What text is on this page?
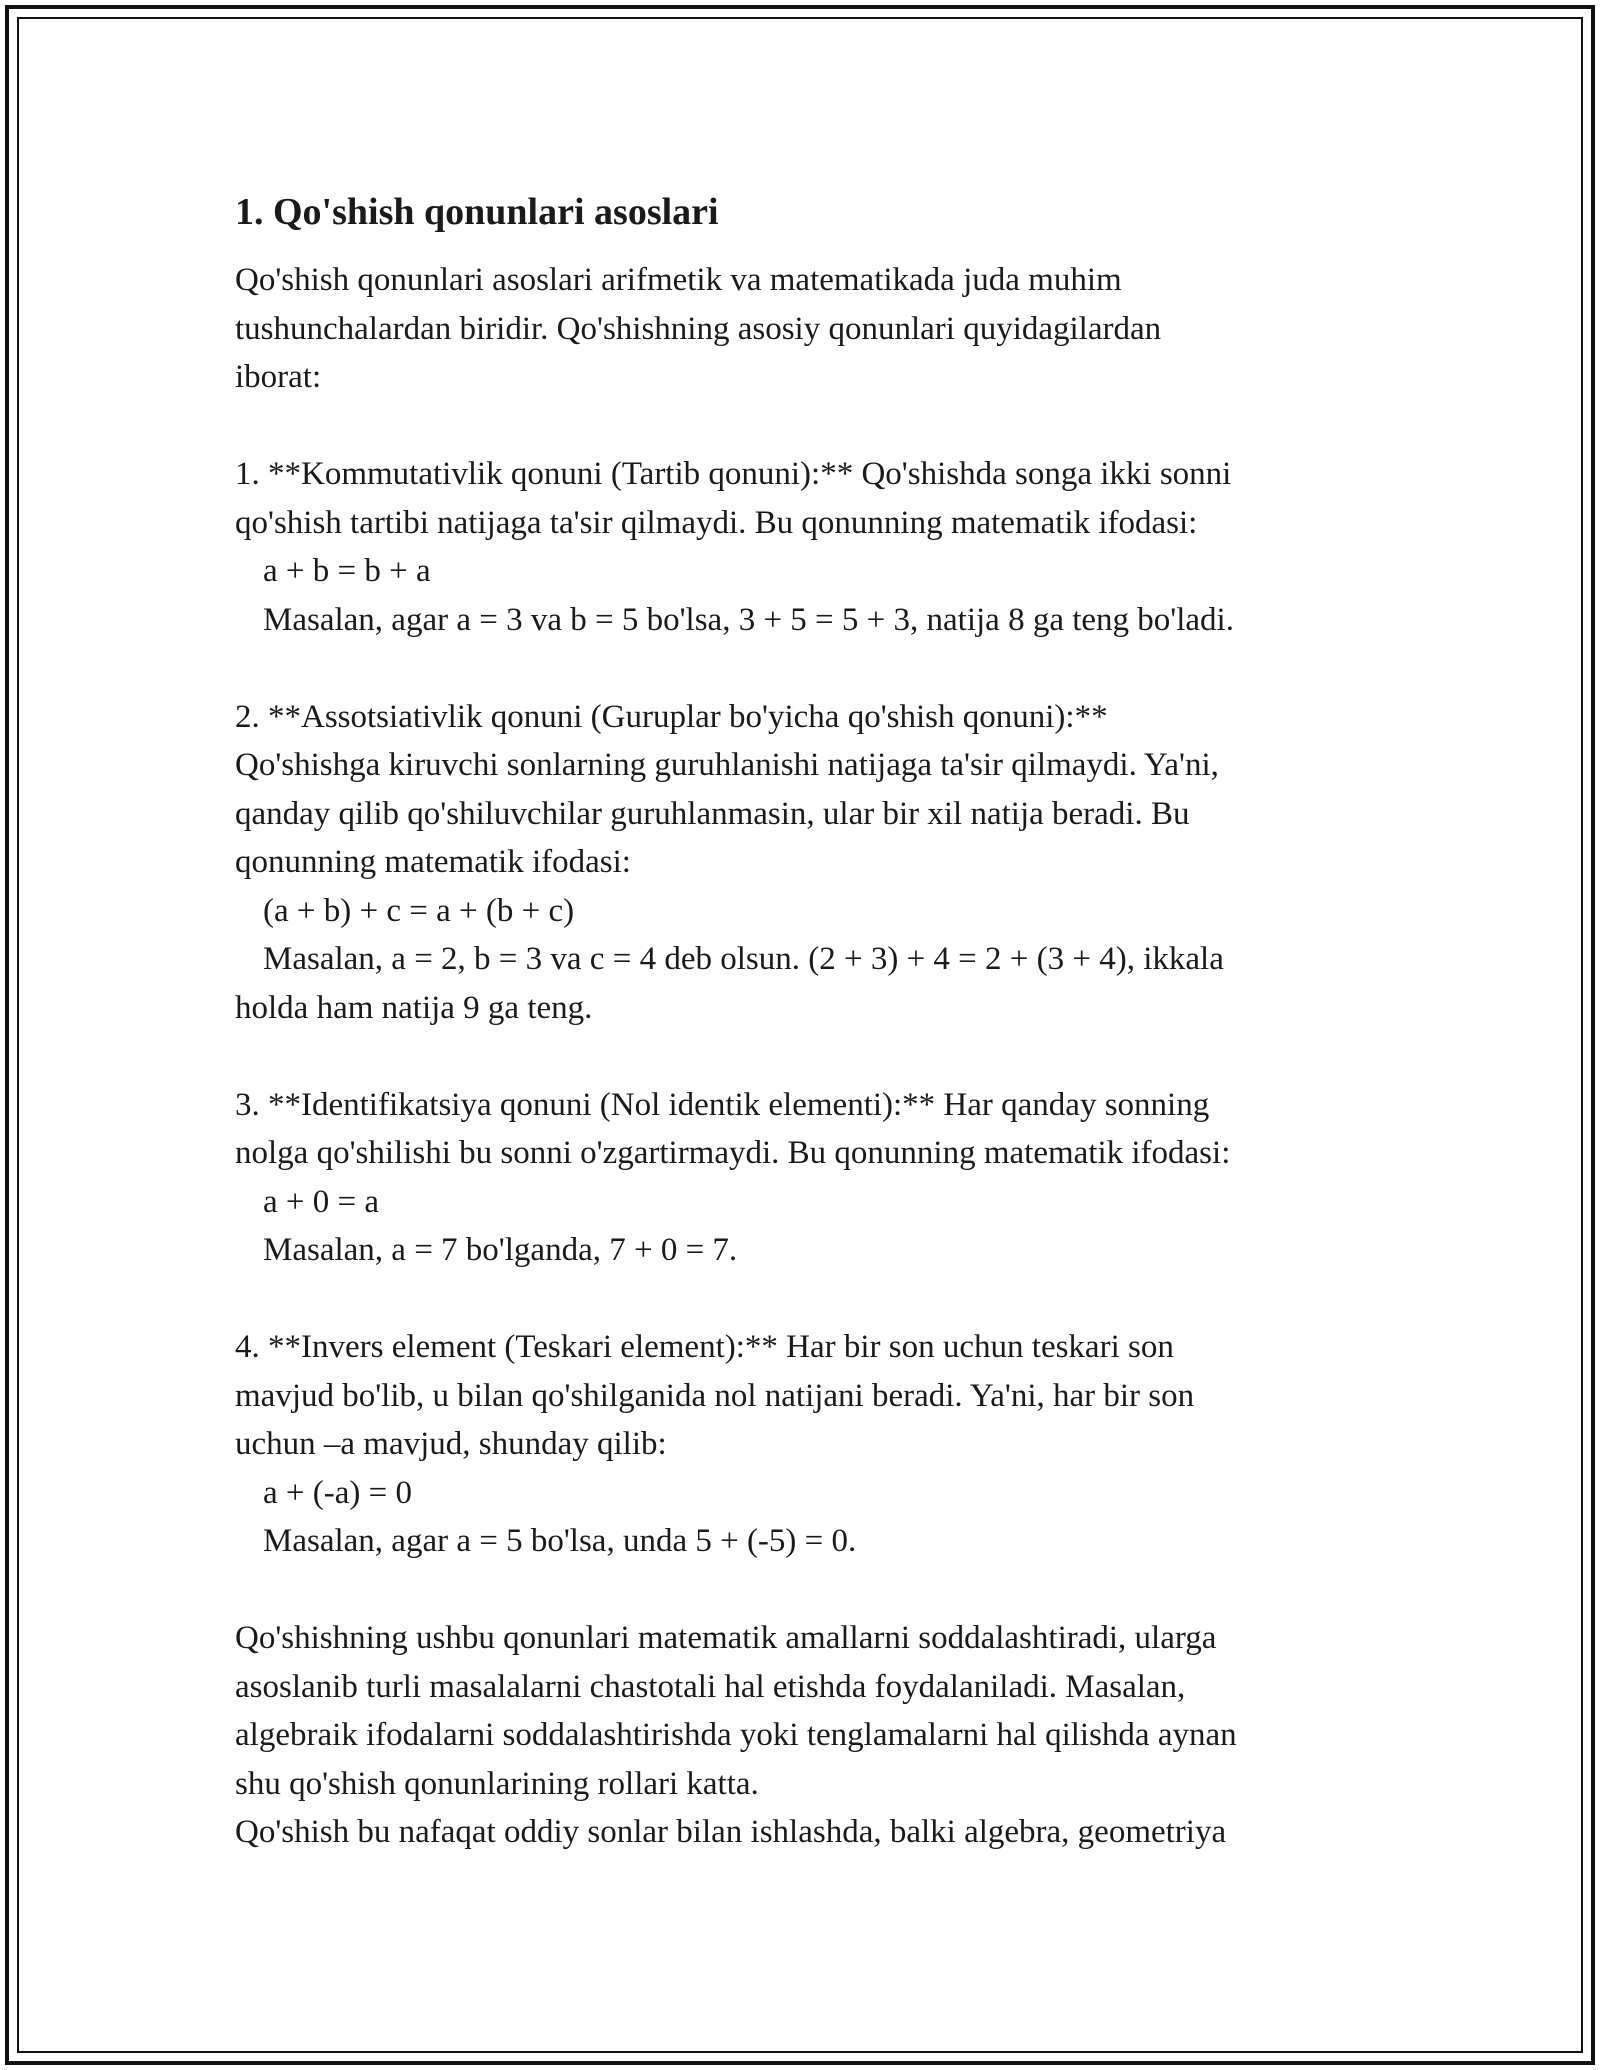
1. Qo'shish qonunlari asoslari

Qo'shish qonunlari asoslari arifmetik va matematikada juda muhim
tushunchalardan biridir. Qo'shishning asosiy qonunlari quyidagilardan
iborat:

1. **Kommutativlik qonuni (Tartib qonuni):** Qo'shishda songa ikki sonni
qo'shish tartibi natijaga ta'sir qilmaydi. Bu qonunning matematik ifodasi:

a + b = b + a

Masalan, agar a = 3 va b = 5 bo'lsa, 3 + 5 = 5 + 3, natija 8 ga teng bo'ladi.

2. **Assotsiativlik qonuni (Guruplar bo'yicha qo'shish qonuni):**
Qo'shishga kiruvchi sonlarning guruhlanishi natijaga ta'sir qilmaydi. Ya'ni,
qanday qilib qo'shiluvchilar guruhlanmasin, ular bir xil natija beradi. Bu
qonunning matematik ifodasi:

(a + b) + c = a + (b + c)

Masalan, a = 2, b = 3 va c = 4 deb olsun. (2 + 3) + 4 = 2 + (3 + 4), ikkala

holda ham natija 9 ga teng.

3. **Identifikatsiya qonuni (Nol identik elementi):** Har qanday sonning
nolga qo'shilishi bu sonni o'zgartirmaydi. Bu qonunning matematik ifodasi:

a + 0 = a

Masalan, a = 7 bo'lganda, 7 + 0 = 7.

4. **Invers element (Teskari element):** Har bir son uchun teskari son
mavjud bo'lib, u bilan qo'shilganida nol natijani beradi. Ya'ni, har bir son
uchun –a mavjud, shunday qilib:

a + (-a) = 0

Masalan, agar a = 5 bo'lsa, unda 5 + (-5) = 0.

Qo'shishning ushbu qonunlari matematik amallarni soddalashtiradi, ularga
asoslanib turli masalalarni chastotali hal etishda foydalaniladi. Masalan,
algebraik ifodalarni soddalashtirishda yoki tenglamalarni hal qilishda aynan
shu qo'shish qonunlarining rollari katta.

Qo'shish bu nafaqat oddiy sonlar bilan ishlashda, balki algebra, geometriya
